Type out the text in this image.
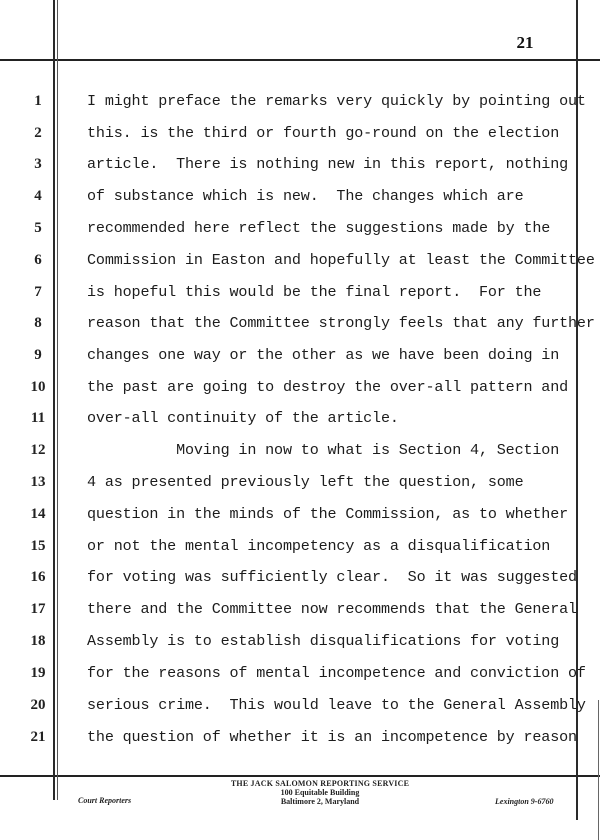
21
1	I might preface the remarks very quickly by pointing out
2	this. is the third or fourth go-round on the election
3	article.  There is nothing new in this report, nothing
4	of substance which is new.  The changes which are
5	recommended here reflect the suggestions made by the
6	Commission in Easton and hopefully at least the Committee
7	is hopeful this would be the final report.  For the
8	reason that the Committee strongly feels that any further
9	changes one way or the other as we have been doing in
10	the past are going to destroy the over-all pattern and
11	over-all continuity of the article.
12	Moving in now to what is Section 4, Section
13	4 as presented previously left the question, some
14	question in the minds of the Commission, as to whether
15	or not the mental incompetency as a disqualification
16	for voting was sufficiently clear.  So it was suggested
17	there and the Committee now recommends that the General
18	Assembly is to establish disqualifications for voting
19	for the reasons of mental incompetence and conviction of
20	serious crime.  This would leave to the General Assembly
21	the question of whether it is an incompetence by reason
Court Reporters
THE JACK SALOMON REPORTING SERVICE
100 Equitable Building
Baltimore 2, Maryland	Lexington 9-6760
